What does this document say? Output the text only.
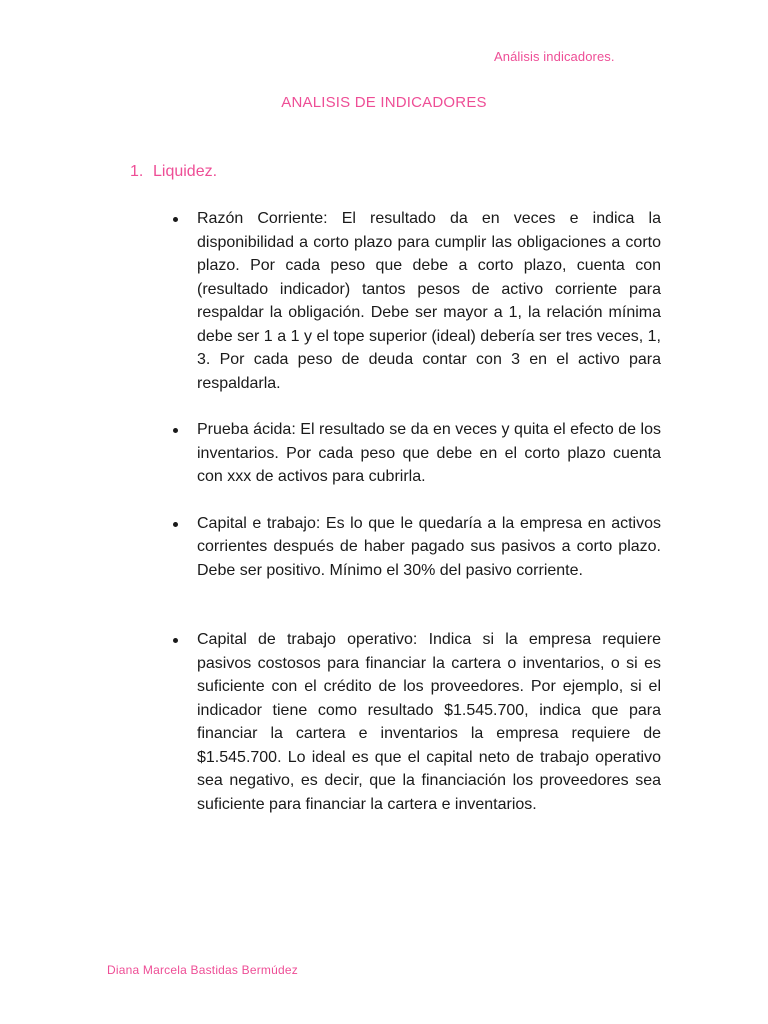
Análisis indicadores.
ANALISIS DE INDICADORES
1. Liquidez.
Razón Corriente: El resultado da en veces e indica la disponibilidad a corto plazo para cumplir las obligaciones a corto plazo. Por cada peso que debe a corto plazo, cuenta con (resultado indicador) tantos pesos de activo corriente para respaldar la obligación. Debe ser mayor a 1, la relación mínima debe ser 1 a 1 y el tope superior (ideal) debería ser tres veces, 1, 3. Por cada peso de deuda contar con 3 en el activo para respaldarla.
Prueba ácida: El resultado se da en veces y quita el efecto de los inventarios. Por cada peso que debe en el corto plazo cuenta con xxx de activos para cubrirla.
Capital e trabajo: Es lo que le quedaría a la empresa en activos corrientes después de haber pagado sus pasivos a corto plazo. Debe ser positivo. Mínimo el 30% del pasivo corriente.
Capital de trabajo operativo: Indica si la empresa requiere pasivos costosos para financiar la cartera o inventarios, o si es suficiente con el crédito de los proveedores. Por ejemplo, si el indicador tiene como resultado $1.545.700, indica que para financiar la cartera e inventarios la empresa requiere de $1.545.700. Lo ideal es que el capital neto de trabajo operativo sea negativo, es decir, que la financiación los proveedores sea suficiente para financiar la cartera e inventarios.
Diana Marcela Bastidas Bermúdez
